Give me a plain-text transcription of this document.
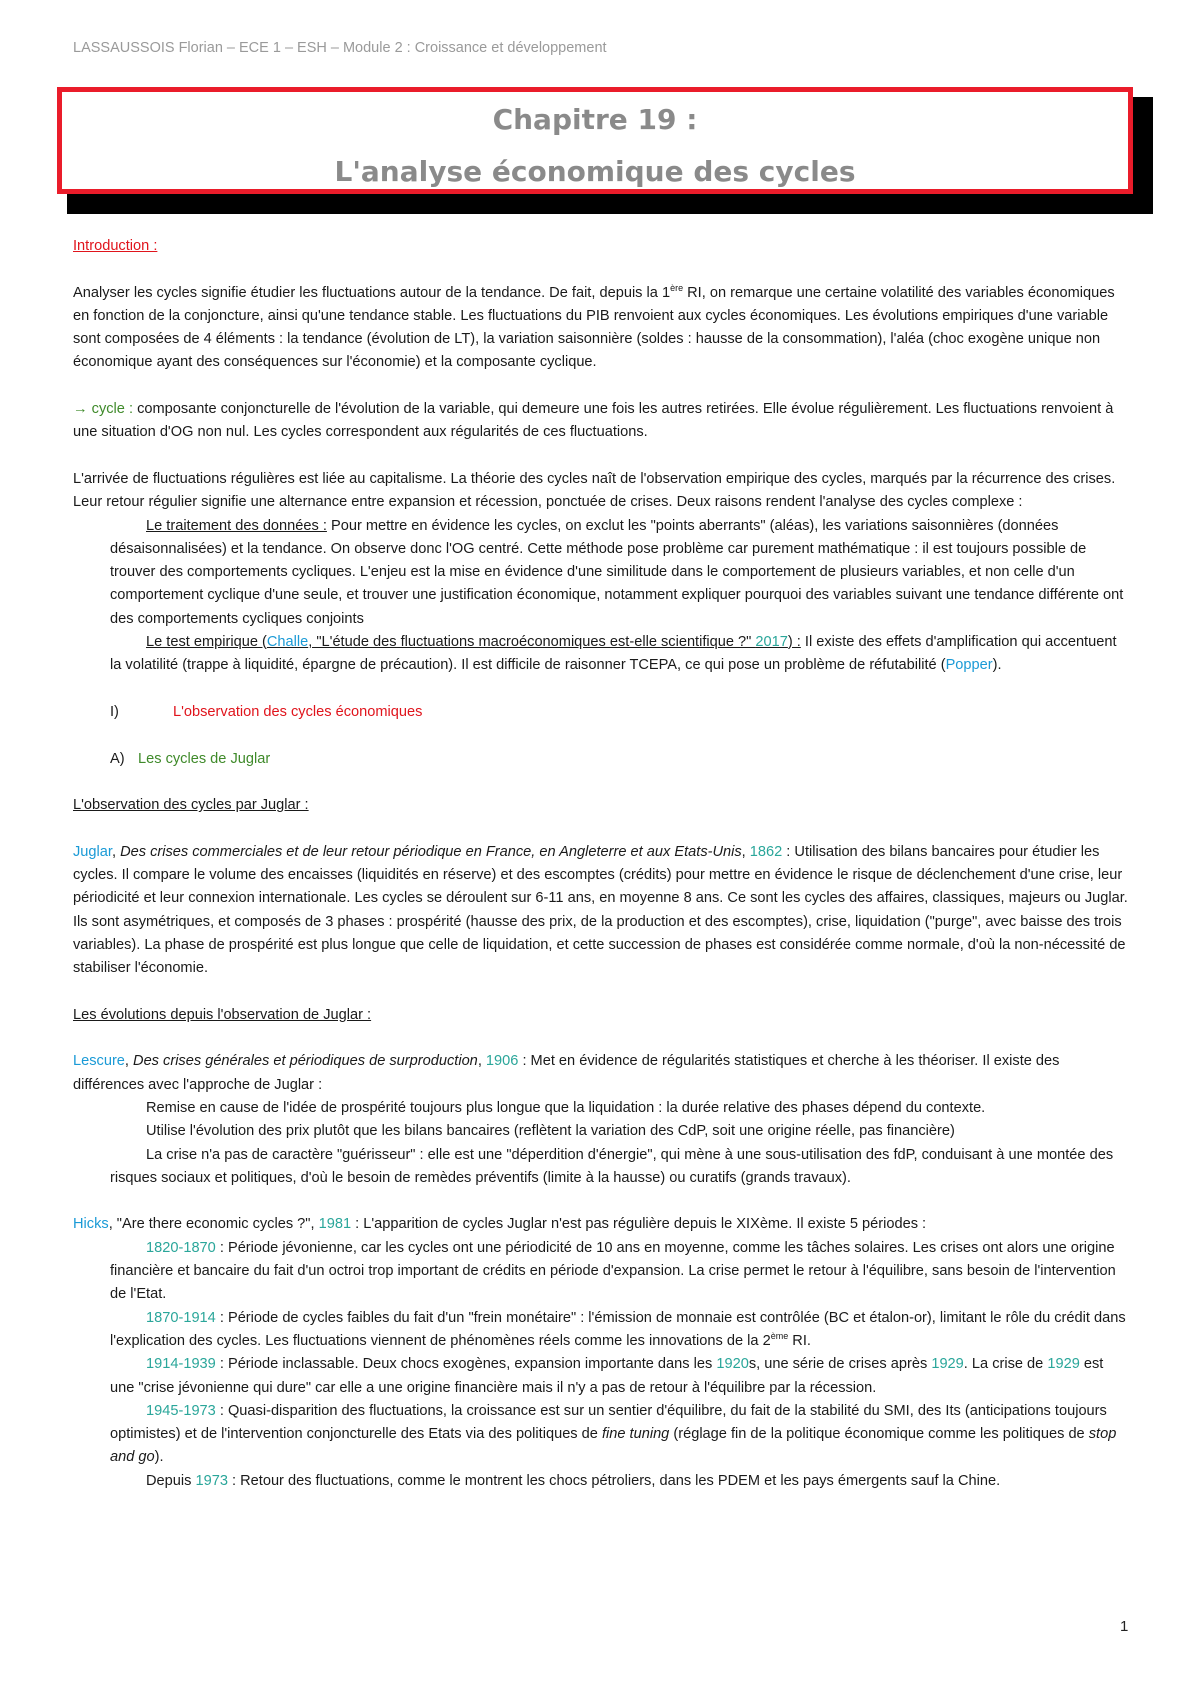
LASSAUSSOIS Florian – ECE 1 – ESH – Module 2 : Croissance et développement
Chapitre 19 :
L'analyse économique des cycles

Introduction :

Analyser les cycles signifie étudier les fluctuations autour de la tendance. De fait, depuis la 1ère RI, on remarque une certaine volatilité des variables économiques en fonction de la conjoncture, ainsi qu'une tendance stable. Les fluctuations du PIB renvoient aux cycles économiques. Les évolutions empiriques d'une variable sont composées de 4 éléments : la tendance (évolution de LT), la variation saisonnière (soldes : hausse de la consommation), l'aléa (choc exogène unique non économique ayant des conséquences sur l'économie) et la composante cyclique.

→ cycle : composante conjoncturelle de l'évolution de la variable, qui demeure une fois les autres retirées. Elle évolue régulièrement. Les fluctuations renvoient à une situation d'OG non nul. Les cycles correspondent aux régularités de ces fluctuations.

L'arrivée de fluctuations régulières est liée au capitalisme. La théorie des cycles naît de l'observation empirique des cycles, marqués par la récurrence des crises. Leur retour régulier signifie une alternance entre expansion et récession, ponctuée de crises. Deux raisons rendent l'analyse des cycles complexe :

Le traitement des données : Pour mettre en évidence les cycles, on exclut les "points aberrants" (aléas), les variations saisonnières (données désaisonnalisées) et la tendance. On observe donc l'OG centré. Cette méthode pose problème car purement mathématique : il est toujours possible de trouver des comportements cycliques. L'enjeu est la mise en évidence d'une similitude dans le comportement de plusieurs variables, et non celle d'un comportement cyclique d'une seule, et trouver une justification économique, notamment expliquer pourquoi des variables suivant une tendance différente ont des comportements cycliques conjoints

Le test empirique (Challe, "L'étude des fluctuations macroéconomiques est-elle scientifique ?" 2017) : Il existe des effets d'amplification qui accentuent la volatilité (trappe à liquidité, épargne de précaution). Il est difficile de raisonner TCEPA, ce qui pose un problème de réfutabilité (Popper).

I)	L'observation des cycles économiques

A) Les cycles de Juglar

L'observation des cycles par Juglar :

Juglar, Des crises commerciales et de leur retour périodique en France, en Angleterre et aux Etats-Unis, 1862 : Utilisation des bilans bancaires pour étudier les cycles. Il compare le volume des encaisses (liquidités en réserve) et des escomptes (crédits) pour mettre en évidence le risque de déclenchement d'une crise, leur périodicité et leur connexion internationale. Les cycles se déroulent sur 6-11 ans, en moyenne 8 ans. Ce sont les cycles des affaires, classiques, majeurs ou Juglar. Ils sont asymétriques, et composés de 3 phases : prospérité (hausse des prix, de la production et des escomptes), crise, liquidation ("purge", avec baisse des trois variables). La phase de prospérité est plus longue que celle de liquidation, et cette succession de phases est considérée comme normale, d'où la non-nécessité de stabiliser l'économie.

Les évolutions depuis l'observation de Juglar :

Lescure, Des crises générales et périodiques de surproduction, 1906 : Met en évidence de régularités statistiques et cherche à les théoriser. Il existe des différences avec l'approche de Juglar :

Remise en cause de l'idée de prospérité toujours plus longue que la liquidation : la durée relative des phases dépend du contexte.

Utilise l'évolution des prix plutôt que les bilans bancaires (reflètent la variation des CdP, soit une origine réelle, pas financière)

La crise n'a pas de caractère "guérisseur" : elle est une "déperdition d'énergie", qui mène à une sous-utilisation des fdP, conduisant à une montée des risques sociaux et politiques, d'où le besoin de remèdes préventifs (limite à la hausse) ou curatifs (grands travaux).

Hicks, "Are there economic cycles ?", 1981 : L'apparition de cycles Juglar n'est pas régulière depuis le XIXème. Il existe 5 périodes :

1820-1870 : Période jévonienne, car les cycles ont une périodicité de 10 ans en moyenne, comme les tâches solaires. Les crises ont alors une origine financière et bancaire du fait d'un octroi trop important de crédits en période d'expansion. La crise permet le retour à l'équilibre, sans besoin de l'intervention de l'Etat.

1870-1914 : Période de cycles faibles du fait d'un "frein monétaire" : l'émission de monnaie est contrôlée (BC et étalon-or), limitant le rôle du crédit dans l'explication des cycles. Les fluctuations viennent de phénomènes réels comme les innovations de la 2ème RI.

1914-1939 : Période inclassable. Deux chocs exogènes, expansion importante dans les 1920s, une série de crises après 1929. La crise de 1929 est une "crise jévonienne qui dure" car elle a une origine financière mais il n'y a pas de retour à l'équilibre par la récession.

1945-1973 : Quasi-disparition des fluctuations, la croissance est sur un sentier d'équilibre, du fait de la stabilité du SMI, des Its (anticipations toujours optimistes) et de l'intervention conjoncturelle des Etats via des politiques de fine tuning (réglage fin de la politique économique comme les politiques de stop and go).

Depuis 1973 : Retour des fluctuations, comme le montrent les chocs pétroliers, dans les PDEM et les pays émergents sauf la Chine.

1
